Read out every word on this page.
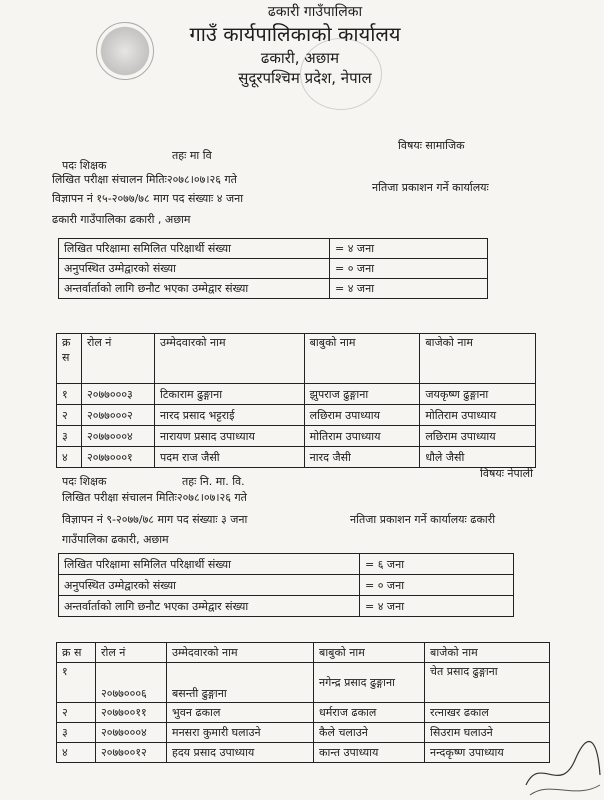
ढकारी गाउँपालिका
गाउँ कार्यपालिकाको कार्यालय
ढकारी, अछाम
सुदूरपश्चिम प्रदेश, नेपाल
पदः शिक्षक
तहः मा वि
विषयः सामाजिक
लिखित परीक्षा संचालन मितिः२०७८।०७।२६ गते
विज्ञापन नं १५-२०७७/७८ माग पद संख्याः ४ जना
नतिजा प्रकाशन गर्ने कार्यालयः
ढकारी गाउँपालिका ढकारी , अछाम
लिखित परिक्षामा समिलित परिक्षार्थी संख्या	= ४ जना
अनुपस्थित उम्मेद्वारको संख्या	= ० जना
अन्तर्वार्ताको लागि छनौट भएका उम्मेद्वार संख्या	= ४ जना
क्र स	रोल नं	उम्मेदवारको नाम	बाबुको नाम	बाजेको नाम
१	२०७७०००३	टिकाराम ढुङ्गाना	झुपराज ढुङ्गाना	जयकृष्ण ढुङ्गाना
२	२०७७०००२	नारद प्रसाद भट्टराई	लछिराम उपाध्याय	मोतिराम उपाध्याय
३	२०७७०००४	नारायण प्रसाद उपाध्याय	मोतिराम उपाध्याय	लछिराम उपाध्याय
४	२०७७०००१	पदम राज जैसी	नारद जैसी	धौले जैसी
पदः शिक्षक	तहः नि. मा. वि.
विषयः नेपाली
लिखित परीक्षा संचालन मितिः२०७८।०७।२६ गते
विज्ञापन नं ९-२०७७/७८ माग पद संख्याः ३ जना	नतिजा प्रकाशन गर्ने कार्यालयः ढकारी
गाउँपालिका ढकारी, अछाम
लिखित परिक्षामा समिलित परिक्षार्थी संख्या	= ६ जना
अनुपस्थित उम्मेद्वारको संख्या	= ० जना
अन्तर्वार्ताको लागि छनौट भएका उम्मेद्वार संख्या	= ४ जना
क्र स	रोल नं	उम्मेदवारको नाम	बाबुको नाम	बाजेको नाम
१	२०७७०००६	बसन्ती ढुङ्गाना	नगेन्द्र प्रसाद ढुङ्गाना	चेत प्रसाद ढुङ्गाना
२	२०७७००११	भुवन ढकाल	धर्मराज ढकाल	रत्नाखर ढकाल
३	२०७७०००४	मनसरा कुमारी घलाउने	कैले चलाउने	सिउराम घलाउने
४	२०७७००१२	हदय प्रसाद उपाध्याय	कान्त उपाध्याय	नन्दकृष्ण उपाध्याय
